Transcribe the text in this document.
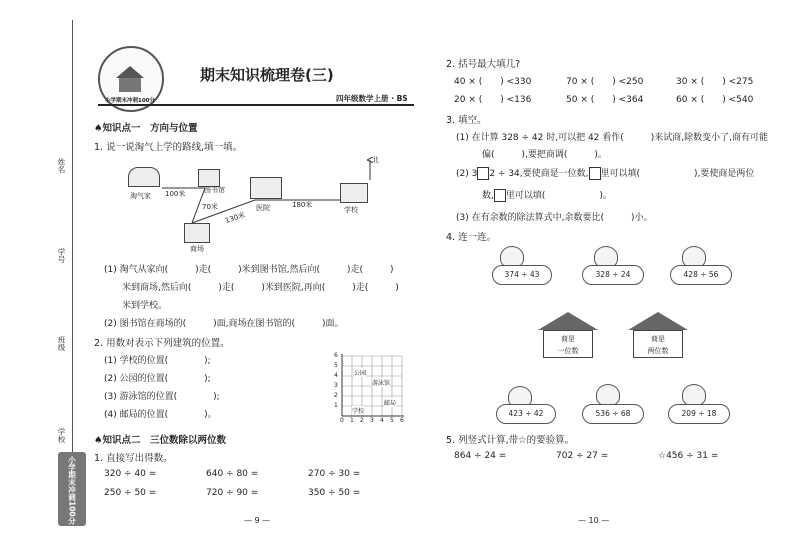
姓名
学号
班级
学校
小学期末冲刺100分
小学期末冲刺100分
期末知识梳理卷(三)
四年级数学上册 · BS
♠知识点一　方向与位置
1. 说一说淘气上学的路线,填一填。
北
淘气家 100米	图书馆
70米
130米
医院	180米
学校
商场
(1) 淘气从家向(　　　)走(　　　)米到图书馆,然后向(　　　)走(　　　)
　　米到商场,然后向(　　　)走(　　　)米到医院,再向(　　　)走(　　　)
　　米到学校。
(2) 图书馆在商场的(　　　)面,商场在图书馆的(　　　)面。
2. 用数对表示下列建筑的位置。
(1) 学校的位置(　　　　);
(2) 公园的位置(　　　　);
(3) 游泳馆的位置(　　　　);
(4) 邮局的位置(　　　　)。
0 1 2 3 4 5 6
1
2
3
4
5
6
公园
游泳馆
邮局
学校
♠知识点二　三位数除以两位数
1. 直接写出得数。
320 ÷ 40 =	640 ÷ 80 =	270 ÷ 30 =
250 ÷ 50 =	720 ÷ 90 =	350 ÷ 50 =
— 9 —
2. 括号最大填几?
40 × (　　) <330	70 × (　　) <250	30 × (　　) <275
20 × (　　) <136	50 × (　　) <364	60 × (　　) <540
3. 填空。
(1) 在计算 328 ÷ 42 时,可以把 42 看作(　　　)来试商,除数变小了,商有可能
偏(　　　),要把商调(　　　)。
(2) 3 2 ÷ 34,要使商是一位数, 里可以填(　　　　　　),要使商是两位
数, 里可以填(　　　　　　)。
(3) 在有余数的除法算式中,余数要比(　　　)小。
4. 连一连。
374 ÷ 43	328 ÷ 24	428 ÷ 56
商是
一位数
商是
两位数
423 ÷ 42	536 ÷ 68	209 ÷ 18
5. 列竖式计算,带☆的要验算。
864 ÷ 24 =	702 ÷ 27 =	☆456 ÷ 31 =
— 10 —
